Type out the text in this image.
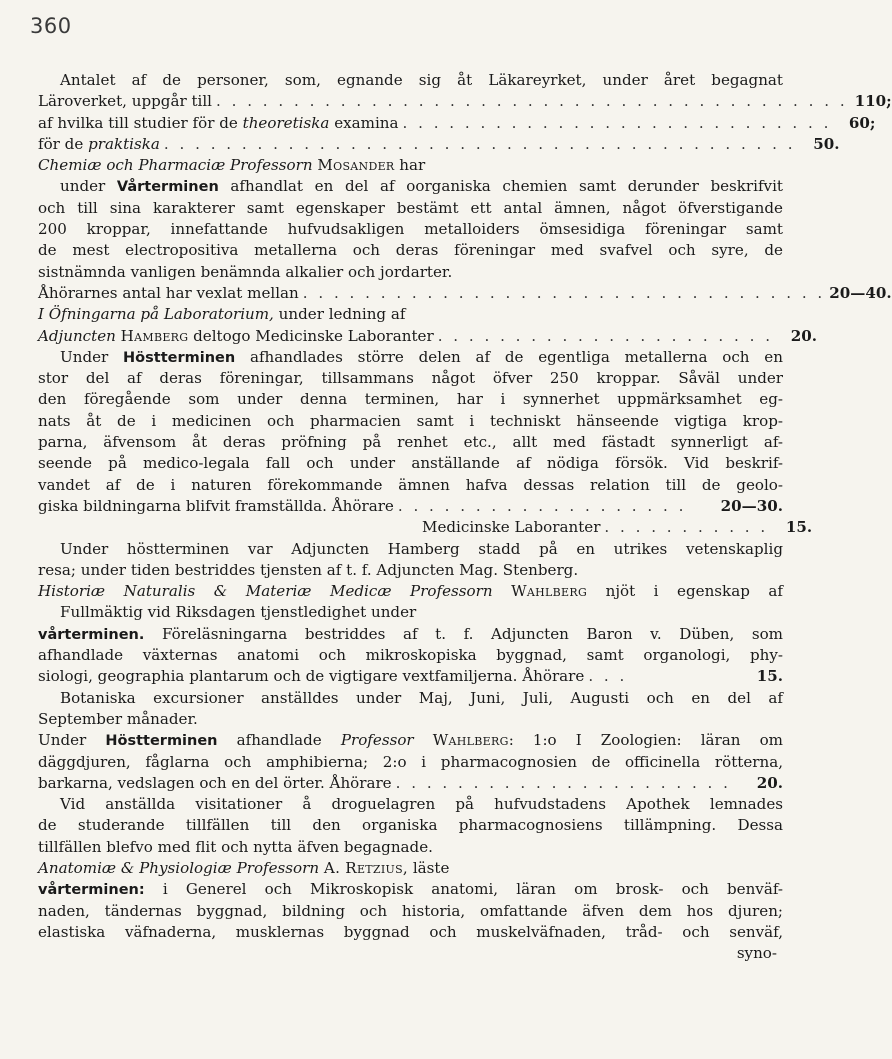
360
Antalet af de personer, som, egnande sig åt Läkareyrket, under året begagnat
Läroverket, uppgår till . . . . . . . . . . . . . . . . . . . . . . . . . . . . . . . . . . . . . . . . . 110;
af hvilka till studier för de theoretiska examina . . . . . . . . . . . . . . . . . . . . . . . . . . . .	60;
för de praktiska . . . . . . . . . . . . . . . . . . . . . . . . . . . . . . . . . . . . . . . . .	50.
Chemiæ och Pharmaciæ Professorn Mosander har
under Vårterminen afhandlat en del af oorganiska chemien samt derunder beskrifvit
och till sina karakterer samt egenskaper bestämt ett antal ämnen, något öfverstigande
200 kroppar, innefattande hufvudsakligen metalloiders ömsesidiga föreningar samt
de mest electropositiva metallerna och deras föreningar med svafvel och syre, de
sistnämnda vanligen benämnda alkalier och jordarter.
Åhörarnes antal har vexlat mellan . . . . . . . . . . . . . . . . . . . . . . . . . . . . . . . . . . 20—40.
I Öfningarna på Laboratorium, under ledning af
Adjuncten Hamberg deltogo Medicinske Laboranter . . . . . . . . . . . . . . . . . . . . . .	20.
Under Höstterminen afhandlades större delen af de egentliga metallerna och en
stor del af deras föreningar, tillsammans något öfver 250 kroppar. Såväl under
den föregående som under denna terminen, har i synnerhet uppmärksamhet eg-
nats åt de i medicinen och pharmacien samt i techniskt hänseende vigtiga krop-
parna, äfvensom åt deras pröfning på renhet etc., allt med fästadt synnerligt af-
seende på medico-legala fall och under anställande af nödiga försök. Vid beskrif-
vandet af de i naturen förekommande ämnen hafva dessas relation till de geolo-
giska bildningarna blifvit framställda. Åhörare . . . . . . . . . . . . . . . . . . .	20—30.
Medicinske Laboranter . . . . . . . . . . .	15.
Under höstterminen var Adjuncten Hamberg stadd på en utrikes vetenskaplig
resa; under tiden bestriddes tjensten af t. f. Adjuncten Mag. Stenberg.
Historiæ Naturalis & Materiæ Medicæ Professorn Wahlberg njöt i egenskap af
Fullmäktig vid Riksdagen tjenstledighet under
vårterminen. Föreläsningarna bestriddes af t. f. Adjuncten Baron v. Düben, som
afhandlade växternas anatomi och mikroskopiska byggnad, samt organologi, phy-
siologi, geographia plantarum och de vigtigare vextfamiljerna. Åhörare . . .	15.
Botaniska excursioner anställdes under Maj, Juni, Juli, Augusti och en del af
September månader.
Under Höstterminen afhandlade Professor Wahlberg: 1:o I Zoologien: läran om
däggdjuren, fåglarna och amphibierna; 2:o i pharmacognosien de officinella rötterna,
barkarna, vedslagen och en del örter. Åhörare . . . . . . . . . . . . . . . . . . . . . .	20.
Vid anställda visitationer å droguelagren på hufvudstadens Apothek lemnades
de studerande tillfällen till den organiska pharmacognosiens tillämpning. Dessa
tillfällen blefvo med flit och nytta äfven begagnade.
Anatomiæ & Physiologiæ Professorn A. Retzius, läste
vårterminen: i Generel och Mikroskopisk anatomi, läran om brosk- och benväf-
naden, tändernas byggnad, bildning och historia, omfattande äfven dem hos djuren;
elastiska väfnaderna, musklernas byggnad och muskelväfnaden, tråd- och senväf,
syno-
